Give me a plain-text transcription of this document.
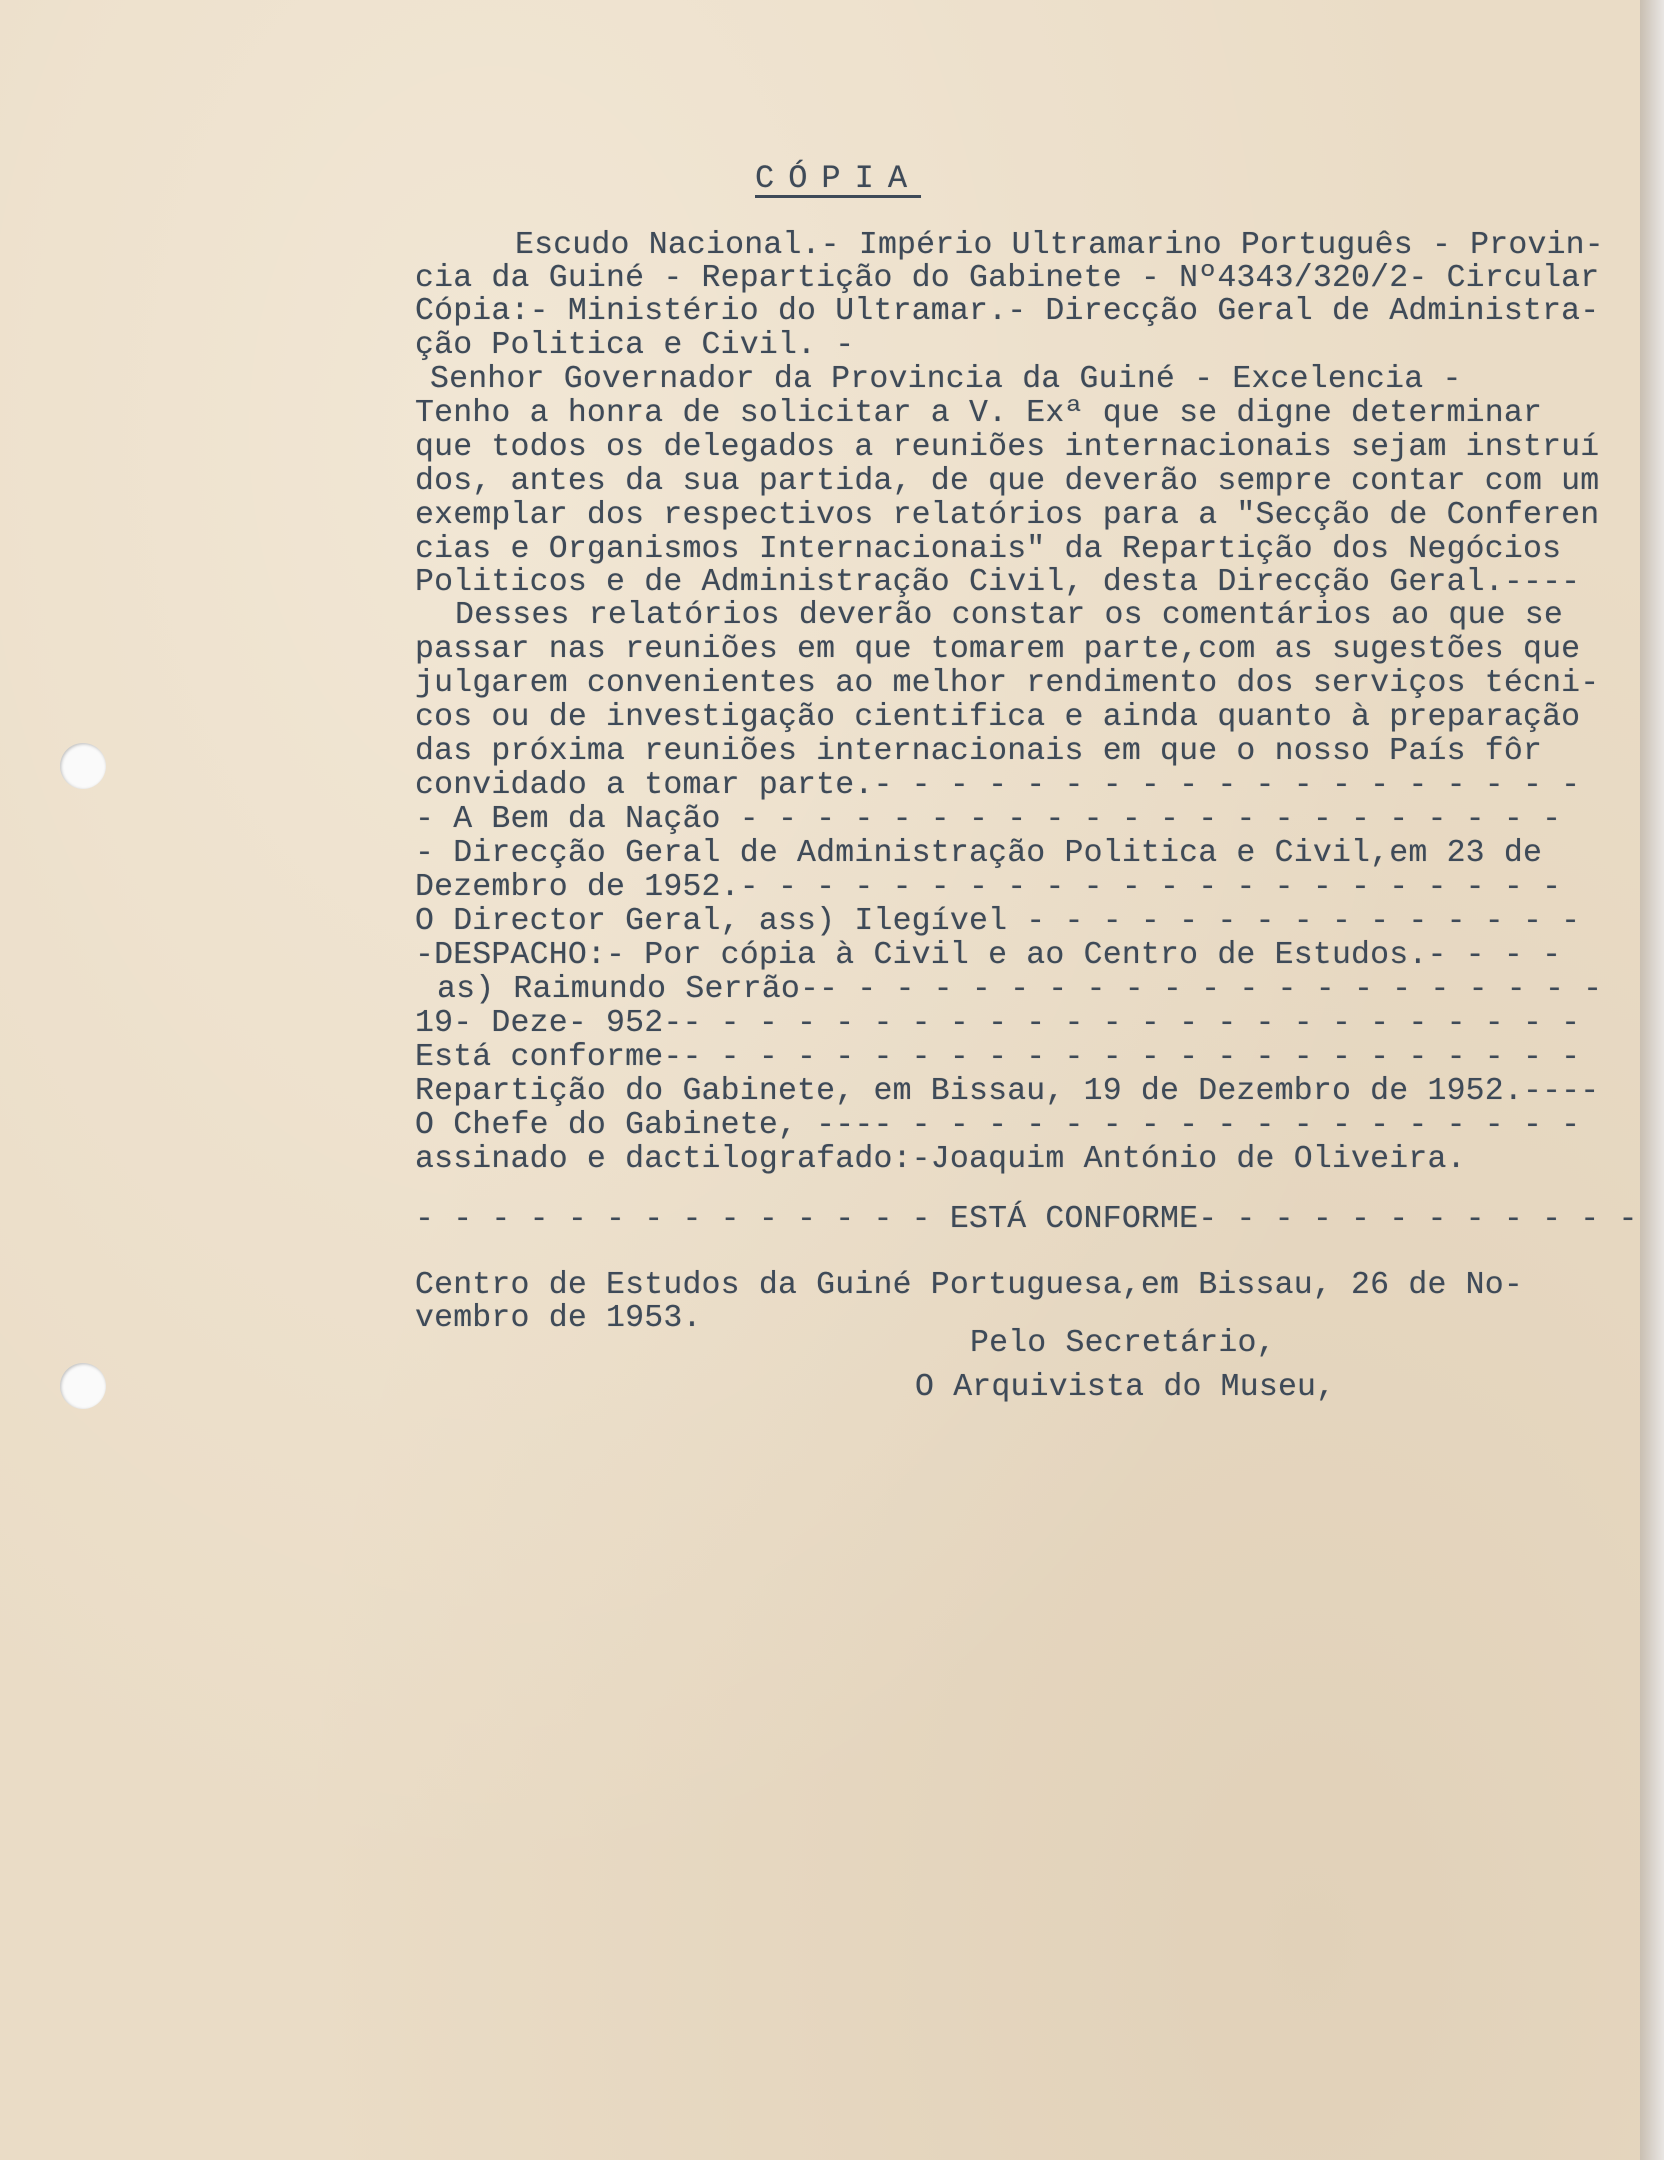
CÓPIA

Escudo Nacional.- Império Ultramarino Português - Provin-

cia da Guiné - Repartição do Gabinete - Nº4343/320/2- Circular

Cópia:- Ministério do Ultramar.- Direcção Geral de Administra-

ção Politica e Civil. -

Senhor Governador da Provincia da Guiné - Excelencia -

Tenho a honra de solicitar a V. Exª que se digne determinar

que todos os delegados a reuniões internacionais sejam instruí

dos, antes da sua partida, de que deverão sempre contar com um

exemplar dos respectivos relatórios para a "Secção de Conferen

cias e Organismos Internacionais" da Repartição dos Negócios

Politicos e de Administração Civil, desta Direcção Geral.----

Desses relatórios deverão constar os comentários ao que se

passar nas reuniões em que tomarem parte,com as sugestões que

julgarem convenientes ao melhor rendimento dos serviços técni-

cos ou de investigação cientifica e ainda quanto à preparação

das próxima reuniões internacionais em que o nosso País fôr

convidado a tomar parte.- - - - - - - - - - - - - - - - - - -

- A Bem da Nação - - - - - - - - - - - - - - - - - - - - - -

- Direcção Geral de Administração Politica e Civil,em 23 de

Dezembro de 1952.- - - - - - - - - - - - - - - - - - - - - -

O Director Geral, ass) Ilegível - - - - - - - - - - - - - - -

-DESPACHO:- Por cópia à Civil e ao Centro de Estudos.- - - -

as) Raimundo Serrão-- - - - - - - - - - - - - - - - - - - - -

19- Deze- 952-- - - - - - - - - - - - - - - - - - - - - - - -

Está conforme-- - - - - - - - - - - - - - - - - - - - - - - -

Repartição do Gabinete, em Bissau, 19 de Dezembro de 1952.----

O Chefe do Gabinete, ---- - - - - - - - - - - - - - - - - - -

assinado e dactilografado:-Joaquim António de Oliveira.

- - - - - - - - - - - - - - ESTÁ CONFORME- - - - - - - - - - - -

Centro de Estudos da Guiné Portuguesa,em Bissau, 26 de No-

vembro de 1953.

Pelo Secretário,

O Arquivista do Museu,
